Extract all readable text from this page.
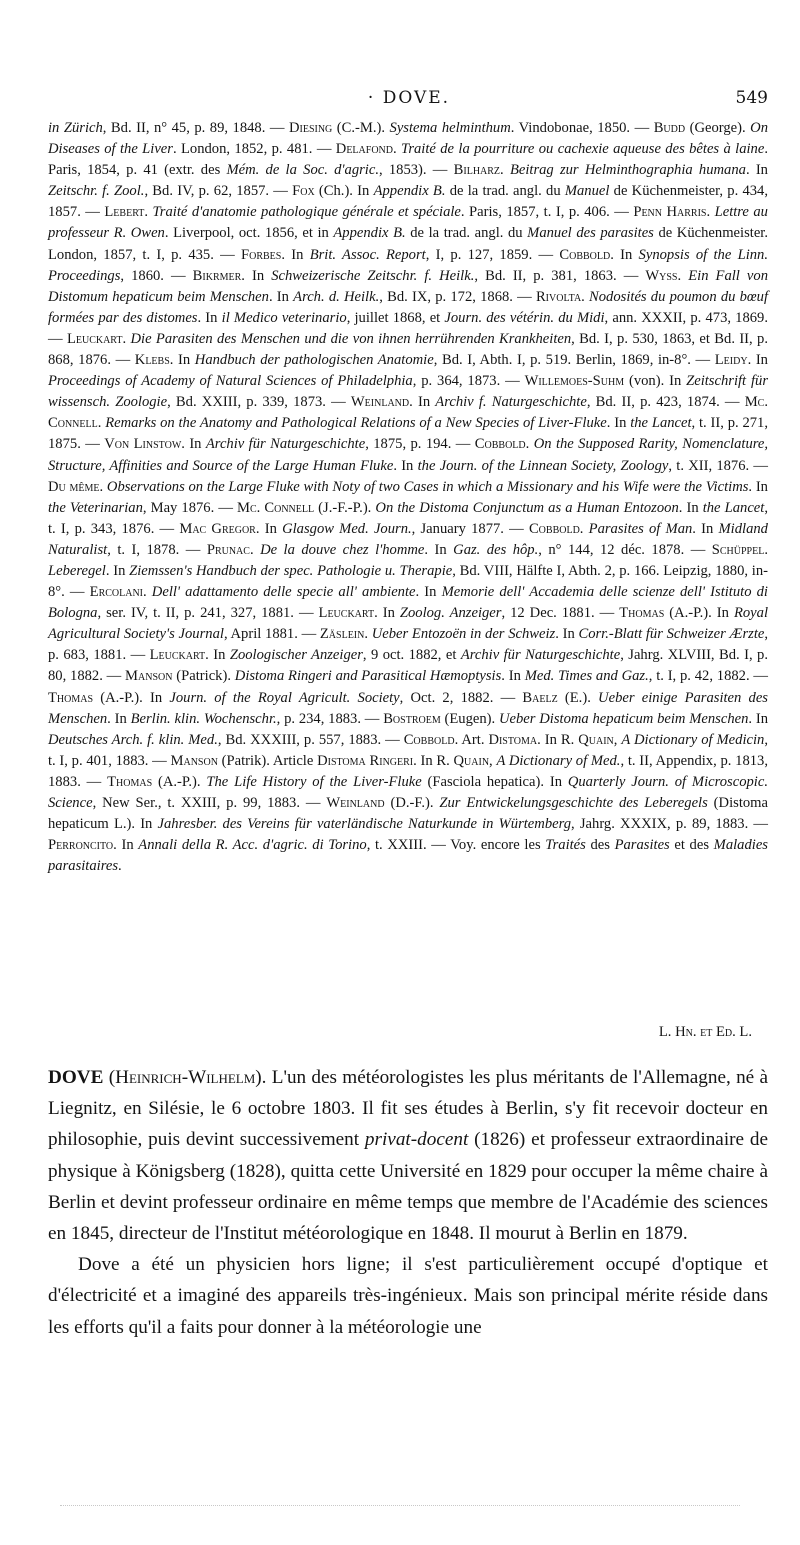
· DOVE.	549

in Zürich, Bd. II, n° 45, p. 89, 1848. — Diesing (C.-M.). Systema helminthum. Vindobonae, 1850. — Budd (George). On Diseases of the Liver. London, 1852, p. 481. — Delafond. Traité de la pourriture ou cachexie aqueuse des bêtes à laine. Paris, 1854, p. 41 (extr. des Mém. de la Soc. d'agric., 1853). — Bilharz. Beitrag zur Helminthographia humana. In Zeitschr. f. Zool., Bd. IV, p. 62, 1857. — Fox (Ch.). In Appendix B. de la trad. angl. du Manuel de Küchenmeister, p. 434, 1857. — Lebert. Traité d'anatomie pathologique générale et spéciale. Paris, 1857, t. I, p. 406. — Penn Harris. Lettre au professeur R. Owen. Liverpool, oct. 1856, et in Appendix B. de la trad. angl. du Manuel des parasites de Küchenmeister. London, 1857, t. I, p. 435. — Forbes. In Brit. Assoc. Report, I, p. 127, 1859. — Cobbold. In Synopsis of the Linn. Proceedings, 1860. — Bikrmer. In Schweizerische Zeitschr. f. Heilk., Bd. II, p. 381, 1863. — Wyss. Ein Fall von Distomum hepaticum beim Menschen. In Arch. d. Heilk., Bd. IX, p. 172, 1868. — Rivolta. Nodosités du poumon du bœuf formées par des distomes. In il Medico veterinario, juillet 1868, et Journ. des vétérin. du Midi, ann. XXXII, p. 473, 1869. — Leuckart. Die Parasiten des Menschen und die von ihnen herrührenden Krankheiten, Bd. I, p. 530, 1863, et Bd. II, p. 868, 1876. — Klebs. In Handbuch der pathologischen Anatomie, Bd. I, Abth. I, p. 519. Berlin, 1869, in-8°. — Leidy. In Proceedings of Academy of Natural Sciences of Philadelphia, p. 364, 1873. — Willemoes-Suhm (von). In Zeitschrift für wissensch. Zoologie, Bd. XXIII, p. 339, 1873. — Weinland. In Archiv f. Naturgeschichte, Bd. II, p. 423, 1874. — Mc. Connell. Remarks on the Anatomy and Pathological Relations of a New Species of Liver-Fluke. In the Lancet, t. II, p. 271, 1875. — Von Linstow. In Archiv für Naturgeschichte, 1875, p. 194. — Cobbold. On the Supposed Rarity, Nomenclature, Structure, Affinities and Source of the Large Human Fluke. In the Journ. of the Linnean Society, Zoology, t. XII, 1876. — Du même. Observations on the Large Fluke with Noty of two Cases in which a Missionary and his Wife were the Victims. In the Veterinarian, May 1876. — Mc. Connell (J.-F.-P.). On the Distoma Conjunctum as a Human Entozoon. In the Lancet, t. I, p. 343, 1876. — Mac Gregor. In Glasgow Med. Journ., January 1877. — Cobbold. Parasites of Man. In Midland Naturalist, t. I, 1878. — Prunac. De la douve chez l'homme. In Gaz. des hôp., n° 144, 12 déc. 1878. — Schüppel. Leberegel. In Ziemssen's Handbuch der spec. Pathologie u. Therapie, Bd. VIII, Hälfte I, Abth. 2, p. 166. Leipzig, 1880, in-8°. — Ercolani. Dell' adattamento delle specie all' ambiente. In Memorie dell' Accademia delle scienze dell' Istituto di Bologna, ser. IV, t. II, p. 241, 327, 1881. — Leuckart. In Zoolog. Anzeiger, 12 Dec. 1881. — Thomas (A.-P.). In Royal Agricultural Society's Journal, April 1881. — Zäslein. Ueber Entozoën in der Schweiz. In Corr.-Blatt für Schweizer Ærzte, p. 683, 1881. — Leuckart. In Zoologischer Anzeiger, 9 oct. 1882, et Archiv für Naturgeschichte, Jahrg. XLVIII, Bd. I, p. 80, 1882. — Manson (Patrick). Distoma Ringeri and Parasitical Hæmoptysis. In Med. Times and Gaz., t. I, p. 42, 1882. — Thomas (A.-P.). In Journ. of the Royal Agricult. Society, Oct. 2, 1882. — Baelz (E.). Ueber einige Parasiten des Menschen. In Berlin. klin. Wochenschr., p. 234, 1883. — Bostroem (Eugen). Ueber Distoma hepaticum beim Menschen. In Deutsches Arch. f. klin. Med., Bd. XXXIII, p. 557, 1883. — Cobbold. Art. Distoma. In R. Quain, A Dictionary of Medicin, t. I, p. 401, 1883. — Manson (Patrik). Article Distoma Ringeri. In R. Quain, A Dictionary of Med., t. II, Appendix, p. 1813, 1883. — Thomas (A.-P.). The Life History of the Liver-Fluke (Fasciola hepatica). In Quarterly Journ. of Microscopic. Science, New Ser., t. XXIII, p. 99, 1883. — Weinland (D.-F.). Zur Entwickelungsgeschichte des Leberegels (Distoma hepaticum L.). In Jahresber. des Vereins für vaterländische Naturkunde in Würtemberg, Jahrg. XXXIX, p. 89, 1883. — Perroncito. In Annali della R. Acc. d'agric. di Torino, t. XXIII. — Voy. encore les Traités des Parasites et des Maladies parasitaires.

L. Hn. et Ed. L.

DOVE (Heinrich-Wilhelm). L'un des météorologistes les plus méritants de l'Allemagne, né à Liegnitz, en Silésie, le 6 octobre 1803. Il fit ses études à Berlin, s'y fit recevoir docteur en philosophie, puis devint successivement privat-docent (1826) et professeur extraordinaire de physique à Königsberg (1828), quitta cette Université en 1829 pour occuper la même chaire à Berlin et devint professeur ordinaire en même temps que membre de l'Académie des sciences en 1845, directeur de l'Institut météorologique en 1848. Il mourut à Berlin en 1879.

Dove a été un physicien hors ligne; il s'est particulièrement occupé d'optique et d'électricité et a imaginé des appareils très-ingénieux. Mais son principal mérite réside dans les efforts qu'il a faits pour donner à la météorologie une
